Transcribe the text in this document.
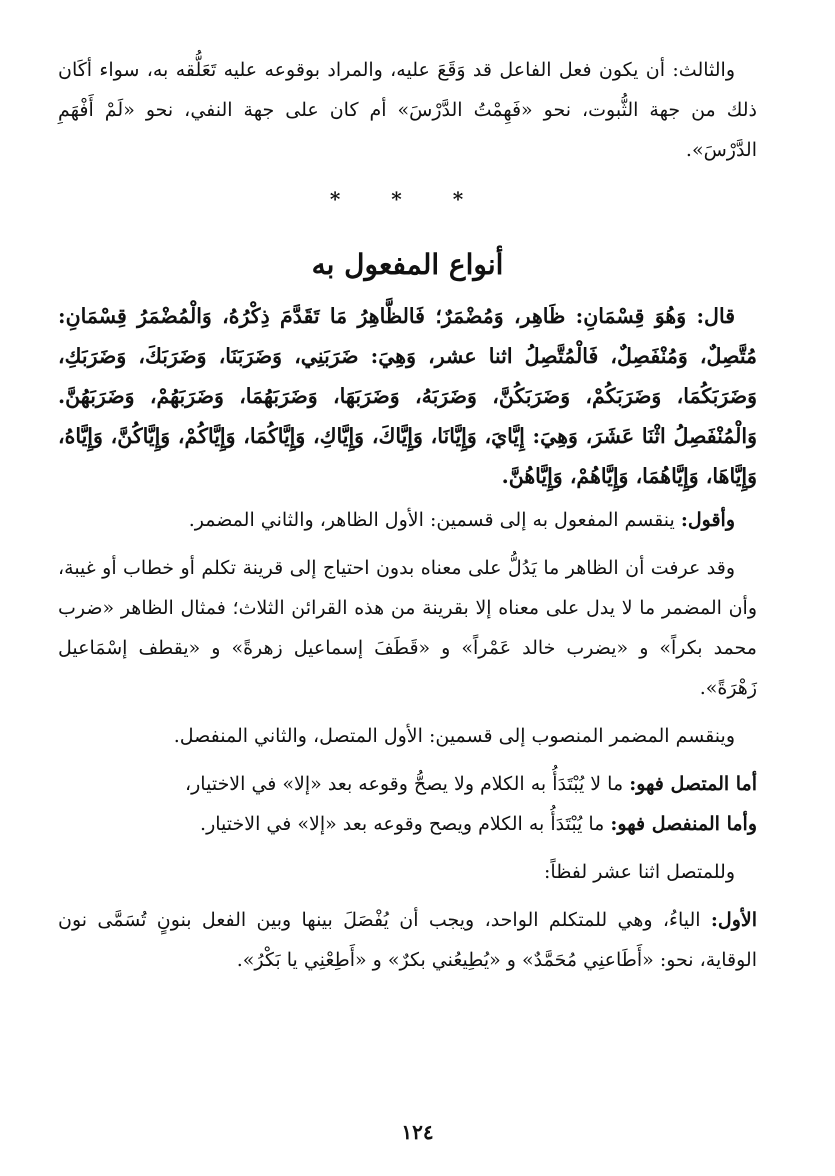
والثالث: أن يكون فعل الفاعل قد وَقَعَ عليه، والمراد بوقوعه عليه تَعَلُّقه به، سواء أكَان ذلك من جهة الثُّبوت، نحو «فَهِمْتُ الدَّرْسَ» أم كان على جهة النفي، نحو «لَمْ أَفْهَمِ الدَّرْسَ».

* * *
أنواع المفعول به

قال: وَهُوَ قِسْمَانِ: ظَاهِر، وَمُضْمَرٌ؛ فَالظَّاهِرُ مَا تَقَدَّمَ ذِكْرُهُ، وَالْمُضْمَرُ قِسْمَانِ: مُتَّصِلٌ، وَمُنْفَصِلٌ، فَالْمُتَّصِلُ اثنا عشر، وَهِيَ: ضَرَبَنِي، وَضَرَبَنَا، وَضَرَبَكَ، وَضَرَبَكِ، وَضَرَبَكُمَا، وَضَرَبَكُمْ، وَضَرَبَكُنَّ، وَضَرَبَهُ، وَضَرَبَهَا، وَضَرَبَهُمَا، وَضَرَبَهُمْ، وَضَرَبَهُنَّ. وَالْمُنْفَصِلُ اثْنَا عَشَرَ، وَهِيَ: إِيَّايَ، وَإِيَّانَا، وَإِيَّاكَ، وَإِيَّاكِ، وَإِيَّاكُمَا، وَإِيَّاكُمْ، وَإِيَّاكُنَّ، وَإِيَّاهُ، وَإِيَّاهَا، وَإِيَّاهُمَا، وَإِيَّاهُمْ، وَإِيَّاهُنَّ.

وأقول: ينقسم المفعول به إلى قسمين: الأول الظاهر، والثاني المضمر.

وقد عرفت أن الظاهر ما يَدُلُّ على معناه بدون احتياج إلى قرينة تكلم أو خطاب أو غيبة، وأن المضمر ما لا يدل على معناه إلا بقرينة من هذه القرائن الثلاث؛ فمثال الظاهر «ضرب محمد بكراً» و «يضرب خالد عَمْراً» و «قَطَفَ إسماعيل زهرةً» و «يقطف إسْمَاعيل زَهْرَةً».

وينقسم المضمر المنصوب إلى قسمين: الأول المتصل، والثاني المنفصل.

أما المتصل فهو: ما لا يُبْتَدَأُ به الكلام ولا يصحُّ وقوعه بعد «إلا» في الاختيار،

وأما المنفصل فهو: ما يُبْتَدَأُ به الكلام ويصح وقوعه بعد «إلا» في الاختيار.

وللمتصل اثنا عشر لفظاً:

الأول: الياءُ، وهي للمتكلم الواحد، ويجب أن يُفْصَلَ بينها وبين الفعل بنونٍ تُسَمَّى نون الوقاية، نحو: «أَطَاعنِي مُحَمَّدٌ» و «يُطِيعُني بكرٌ» و «أَطِعْنِي يا بَكْرُ».

١٢٤
